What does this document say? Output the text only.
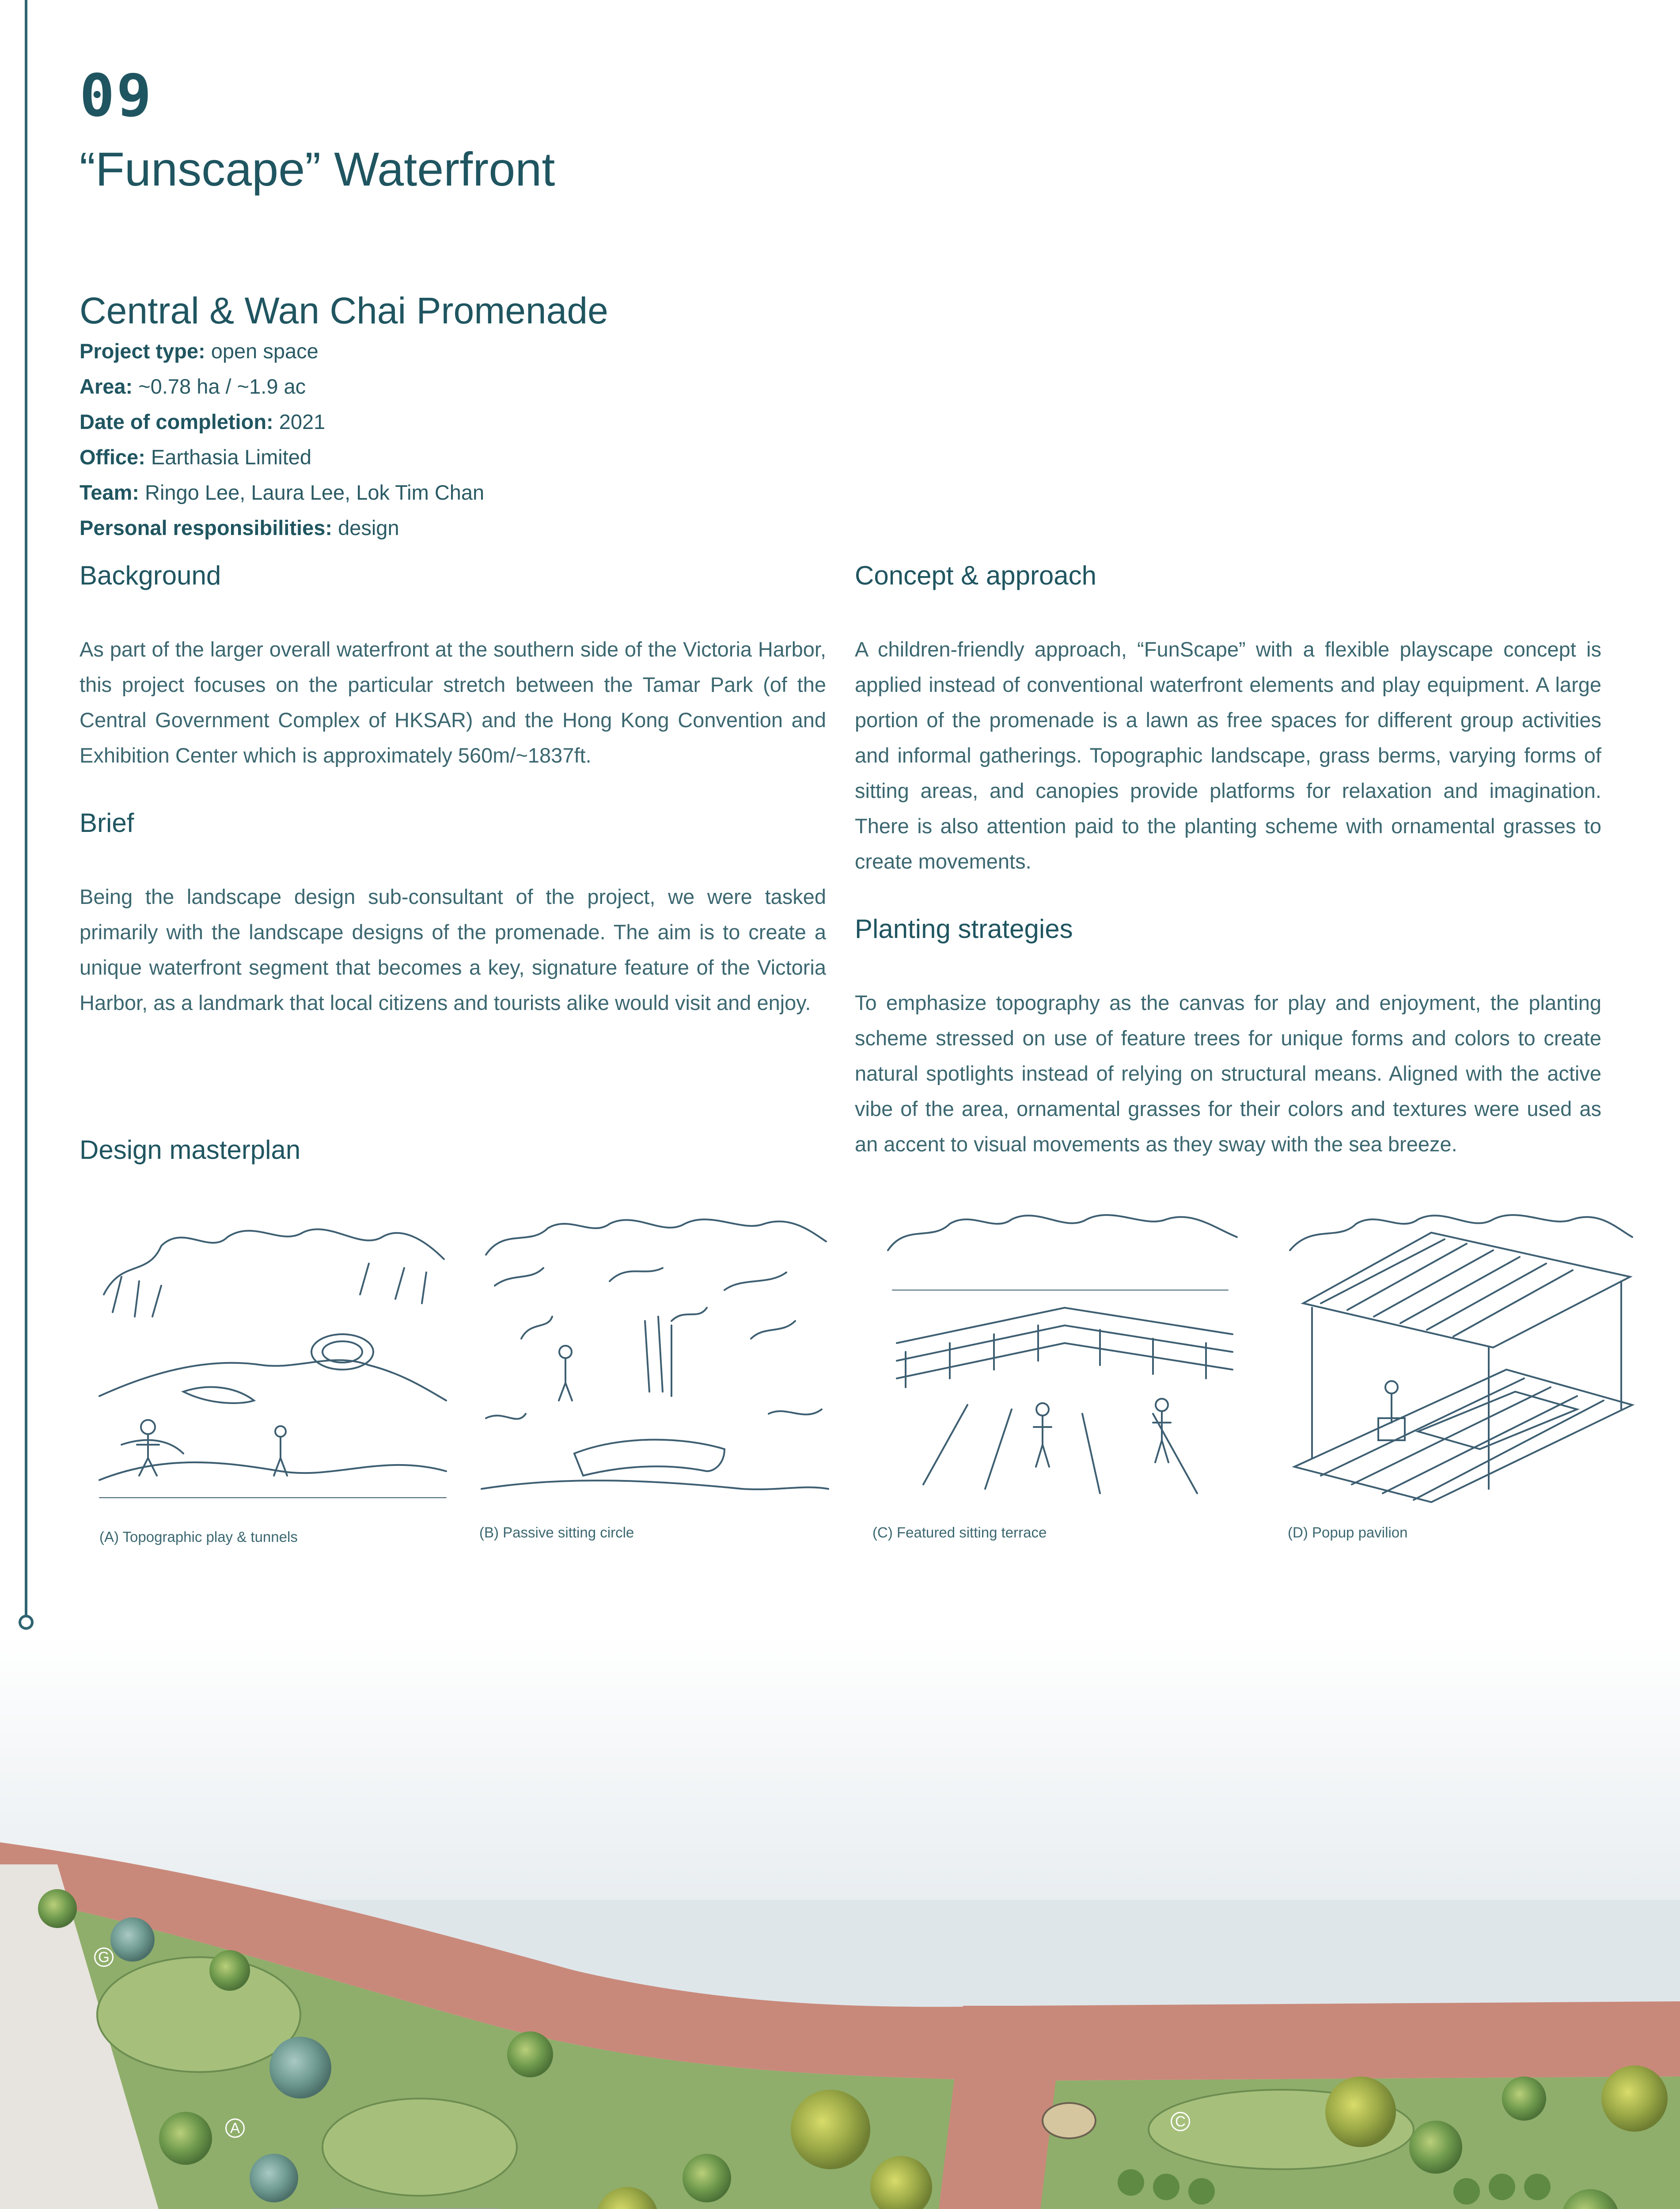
09
“Funscape” Waterfront
Central & Wan Chai Promenade
Project type: open space
Area: ~0.78 ha / ~1.9 ac
Date of completion: 2021
Office: Earthasia Limited
Team: Ringo Lee, Laura Lee, Lok Tim Chan
Personal responsibilities: design
Background
As part of the larger overall waterfront at the southern side of the Victoria Harbor, this project focuses on the particular stretch between the Tamar Park (of the Central Government Complex of HKSAR) and the Hong Kong Convention and Exhibition Center which is approximately 560m/~1837ft.
Brief
Being the landscape design sub-consultant of the project, we were tasked primarily with the landscape designs of the promenade. The aim is to create a unique waterfront segment that becomes a key, signature feature of the Victoria Harbor, as a landmark that local citizens and tourists alike would visit and enjoy.
Design masterplan
Concept & approach
A children-friendly approach, “FunScape” with a flexible playscape concept is applied instead of conventional waterfront elements and play equipment. A large portion of the promenade is a lawn as free spaces for different group activities and informal gatherings. Topographic landscape, grass berms, varying forms of sitting areas, and canopies provide platforms for relaxation and imagination. There is also attention paid to the planting scheme with ornamental grasses to create movements.
Planting strategies
To emphasize topography as the canvas for play and enjoyment, the planting scheme stressed on use of feature trees for unique forms and colors to create natural spotlights instead of relying on structural means. Aligned with the active vibe of the area, ornamental grasses for their colors and textures were used as an accent to visual movements as they sway with the sea breeze.
(A) Topographic play & tunnels	(B) Passive sitting circle	(C) Featured sitting terrace	(D) Popup pavilion
G
A	C
